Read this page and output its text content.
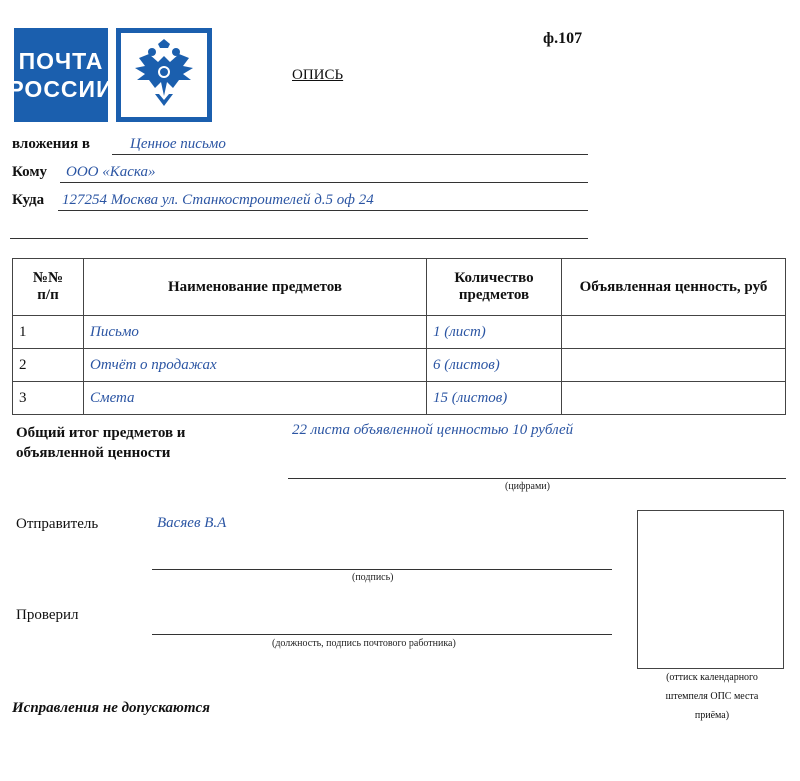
ПОЧТА
РОССИИ
ф.107
ОПИСЬ
вложения в	Ценное письмо
Кому ООО «Каска»
Куда 127254 Москва ул. Станкостроителей д.5 оф 24
№№
п/п	Наименование предметов	Количество предметов	Объявленная ценность, руб
1	Письмо	1 (лист)	
2	Отчёт о продажах	6 (листов)	
3	Смета	15 (листов)	
Общий итог предметов и
объявленной ценности
22 листа объявленной ценностью 10 рублей
(цифрами)
Отправитель	Васяев В.А
(подпись)
Проверил
(должность, подпись почтового работника)
(оттиск календарного
штемпеля ОПС места
приёма)
Исправления не допускаются
